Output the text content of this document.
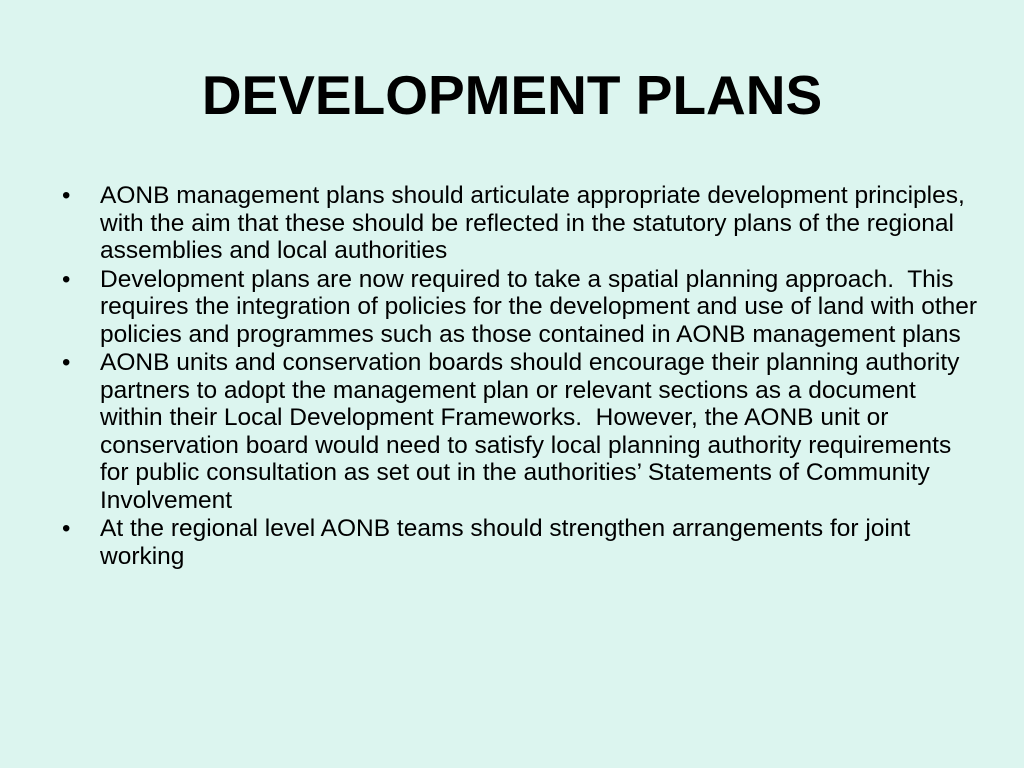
DEVELOPMENT PLANS
• AONB management plans should articulate appropriate development principles, with the aim that these should be reflected in the statutory plans of the regional assemblies and local authorities
• Development plans are now required to take a spatial planning approach.  This requires the integration of policies for the development and use of land with other policies and programmes such as those contained in AONB management plans
• AONB units and conservation boards should encourage their planning authority partners to adopt the management plan or relevant sections as a document within their Local Development Frameworks.  However, the AONB unit or conservation board would need to satisfy local planning authority requirements for public consultation as set out in the authorities’ Statements of Community Involvement
• At the regional level AONB teams should strengthen arrangements for joint working
